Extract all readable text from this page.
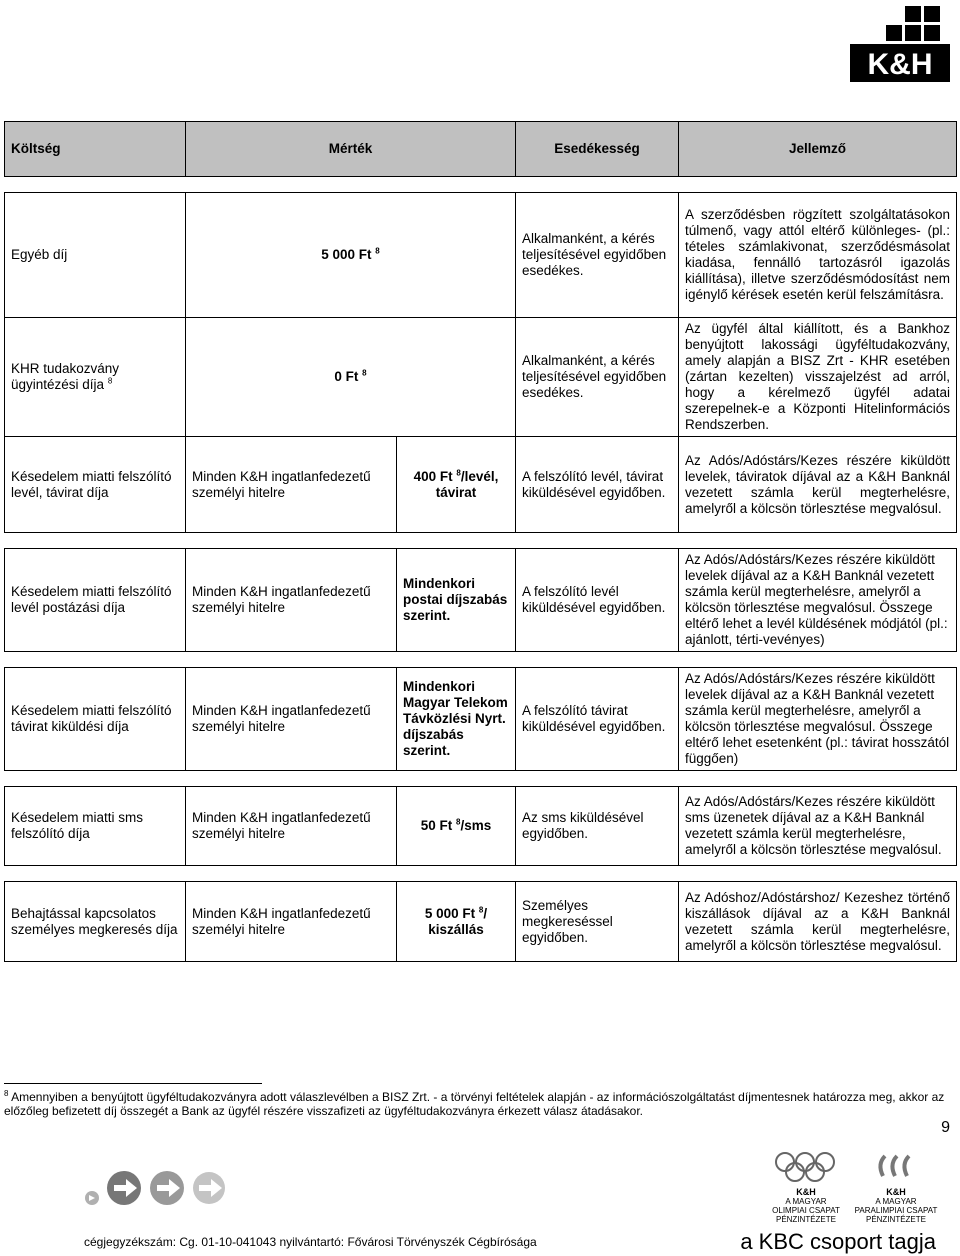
K&H
Költség	Mérték		Esedékesség	Jellemző

Egyéb díj	5 000 Ft $^8$		Alkalmanként, a kérés teljesítésével egyidőben esedékes.	A szerződésben rögzített szolgáltatásokon túlmenő, vagy attól eltérő különleges- (pl.: tételes számlakivonat, szerződésmásolat kiadása, fennálló tartozásról igazolás kiállítása), illetve szerződésmódosítást nem igénylő kérések esetén kerül felszámításra.
KHR tudakozvány ügyintézési díja $^8$	0 Ft $^8$		Alkalmanként, a kérés teljesítésével egyidőben esedékes.	Az ügyfél által kiállított, és a Bankhoz benyújtott lakossági ügyféltudakozvány, amely alapján a BISZ Zrt - KHR esetében (zártan kezelten) visszajelzést ad arról, hogy a kérelmező ügyfél adatai szerepelnek-e a Központi Hitelinformációs Rendszerben.
Késedelem miatti felszólító levél, távirat díja	Minden K&H ingatlanfedezetű személyi hitelre	400 Ft $^8$/levél, távirat	A felszólító levél, távirat kiküldésével egyidőben.	Az Adós/Adóstárs/Kezes részére kiküldött levelek, táviratok díjával az a K&H Banknál vezetett számla kerül megterhelésre, amelyről a kölcsön törlesztése megvalósul.

Késedelem miatti felszólító levél postázási díja	Minden K&H ingatlanfedezetű személyi hitelre	Mindenkori postai díjszabás szerint.	A felszólító levél kiküldésével egyidőben.	Az Adós/Adóstárs/Kezes részére kiküldött levelek díjával az a K&H Banknál vezetett számla kerül megterhelésre, amelyről a kölcsön törlesztése megvalósul. Összege eltérő lehet a levél küldésének módjától (pl.: ajánlott, térti-vevényes)

Késedelem miatti felszólító távirat kiküldési díja	Minden K&H ingatlanfedezetű személyi hitelre	Mindenkori Magyar Telekom Távközlési Nyrt. díjszabás szerint.	A felszólító távirat kiküldésével egyidőben.	Az Adós/Adóstárs/Kezes részére kiküldött levelek díjával az a K&H Banknál vezetett számla kerül megterhelésre, amelyről a kölcsön törlesztése megvalósul. Összege eltérő lehet esetenként (pl.: távirat hosszától függően)

Késedelem miatti sms felszólító díja	Minden K&H ingatlanfedezetű személyi hitelre	50 Ft $^8$/sms	Az sms kiküldésével egyidőben.	Az Adós/Adóstárs/Kezes részére kiküldött sms üzenetek díjával az a K&H Banknál vezetett számla kerül megterhelésre, amelyről a kölcsön törlesztése megvalósul.

Behajtással kapcsolatos személyes megkeresés díja	Minden K&H ingatlanfedezetű személyi hitelre	5 000 Ft $^8$/ kiszállás	Személyes megkereséssel egyidőben.	Az Adóshoz/Adóstárshoz/ Kezeshez történő kiszállások díjával az a K&H Banknál vezetett számla kerül megterhelésre, amelyről a kölcsön törlesztése megvalósul.
$^8$ Amennyiben a benyújtott ügyféltudakozványra adott válaszlevélben a BISZ Zrt. - a törvényi feltételek alapján - az információszolgáltatást díjmentesnek határozza meg, akkor az előzőleg befizetett díj összegét a Bank az ügyfél részére visszafizeti az ügyféltudakozványra érkezett válasz átadásakor.
9
K&H
A MAGYAR
OLIMPIAI CSAPAT
PÉNZINTÉZETE
K&H
A MAGYAR
PARALIMPIAI CSAPAT
PÉNZINTÉZETE
cégjegyzékszám: Cg. 01-10-041043 nyilvántartó: Fővárosi Törvényszék Cégbírósága	a KBC csoport tagja
